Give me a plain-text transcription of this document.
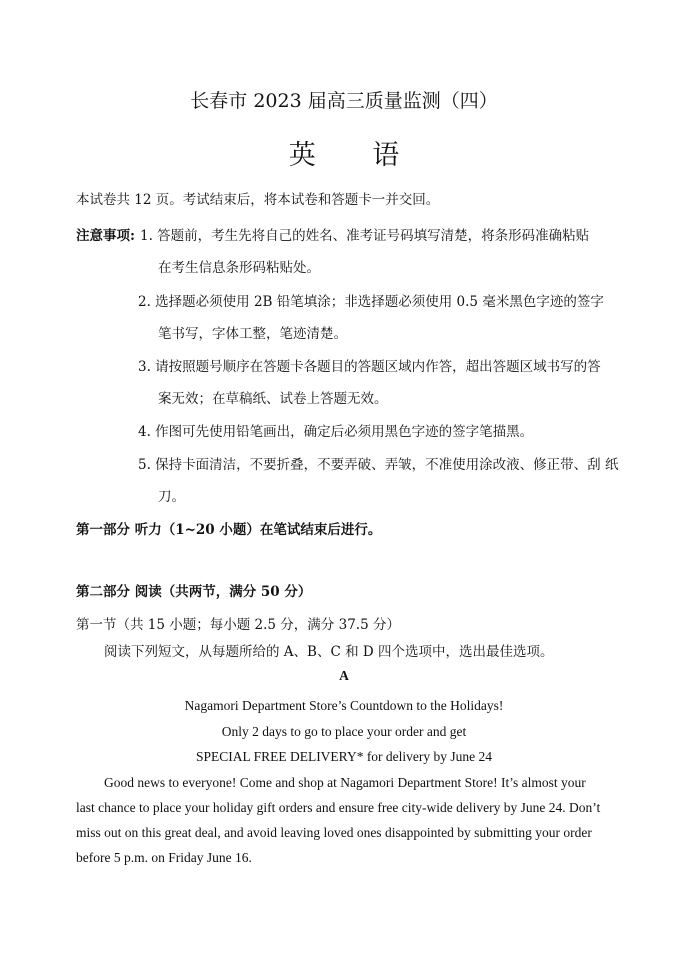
长春市 2023 届高三质量监测（四）
英 语
本试卷共 12 页。考试结束后，将本试卷和答题卡一并交回。
注意事项: 1. 答题前，考生先将自己的姓名、准考证号码填写清楚，将条形码准确粘贴
在考生信息条形码粘贴处。
2. 选择题必须使用 2B 铅笔填涂；非选择题必须使用 0.5 毫米黑色字迹的签字
笔书写，字体工整，笔迹清楚。
3. 请按照题号顺序在答题卡各题目的答题区域内作答，超出答题区域书写的答
案无效；在草稿纸、试卷上答题无效。
4. 作图可先使用铅笔画出，确定后必须用黑色字迹的签字笔描黑。
5. 保持卡面清洁，不要折叠，不要弄破、弄皱，不准使用涂改液、修正带、刮 纸
刀。
第一部分 听力（1~20 小题）在笔试结束后进行。
第二部分 阅读（共两节，满分 50 分）
第一节（共 15 小题；每小题 2.5 分，满分 37.5 分）
阅读下列短文，从每题所给的 A、B、C 和 D 四个选项中，选出最佳选项。
A
Nagamori Department Store’s Countdown to the Holidays!
Only 2 days to go to place your order and get
SPECIAL FREE DELIVERY* for delivery by June 24
Good news to everyone! Come and shop at Nagamori Department Store! It’s almost your
last chance to place your holiday gift orders and ensure free city-wide delivery by June 24. Don’t
miss out on this great deal, and avoid leaving loved ones disappointed by submitting your order
before 5 p.m. on Friday June 16.
